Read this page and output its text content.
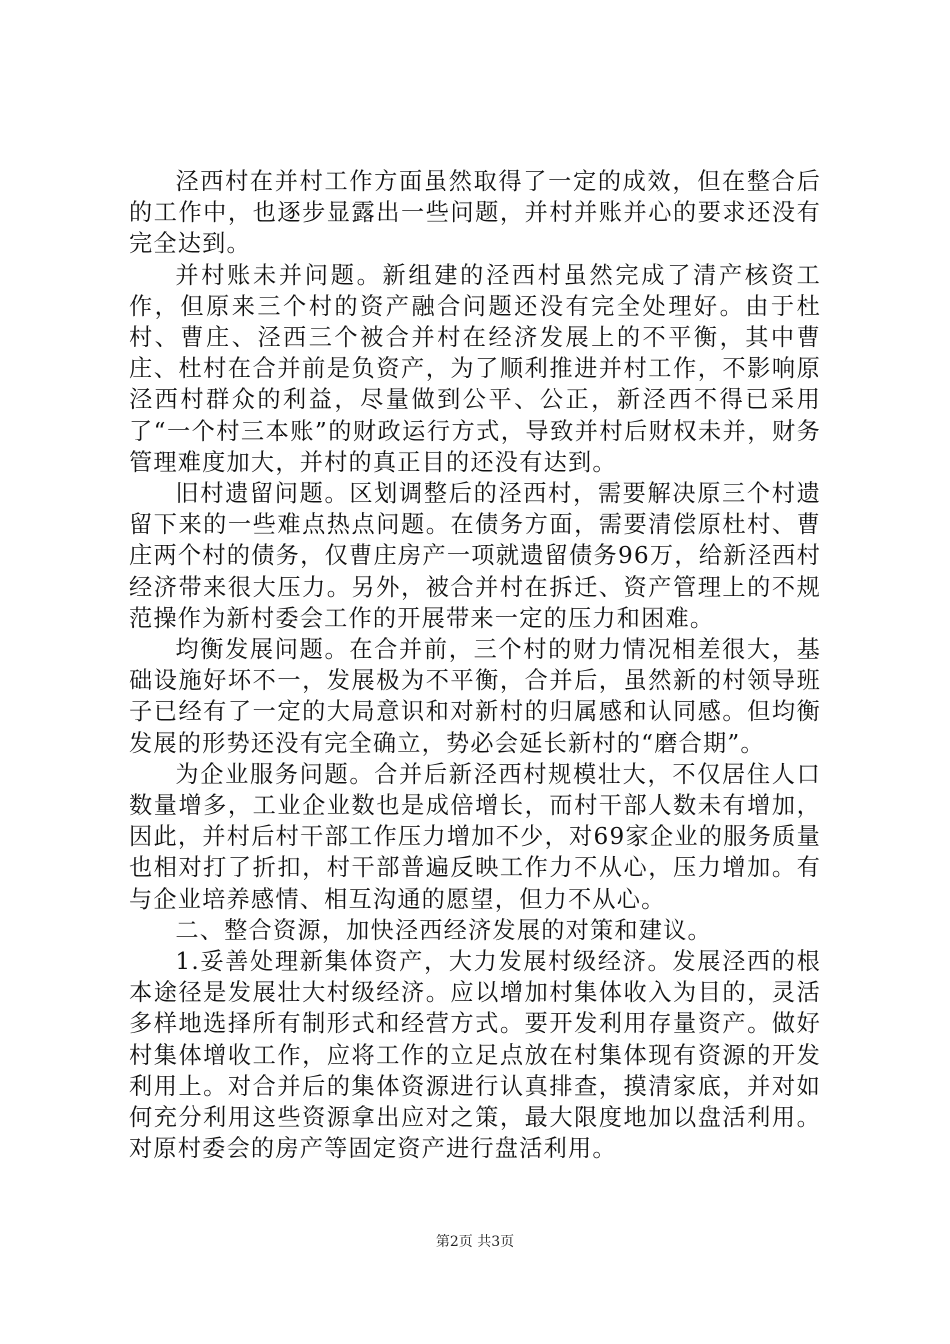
泾西村在并村工作方面虽然取得了一定的成效，但在整合后的工作中，也逐步显露出一些问题，并村并账并心的要求还没有完全达到。

并村账未并问题。新组建的泾西村虽然完成了清产核资工作，但原来三个村的资产融合问题还没有完全处理好。由于杜村、曹庄、泾西三个被合并村在经济发展上的不平衡，其中曹庄、杜村在合并前是负资产，为了顺利推进并村工作，不影响原泾西村群众的利益，尽量做到公平、公正，新泾西不得已采用了“一个村三本账”的财政运行方式，导致并村后财权未并，财务管理难度加大，并村的真正目的还没有达到。

旧村遗留问题。区划调整后的泾西村，需要解决原三个村遗留下来的一些难点热点问题。在债务方面，需要清偿原杜村、曹庄两个村的债务，仅曹庄房产一项就遗留债务96万，给新泾西村经济带来很大压力。另外，被合并村在拆迁、资产管理上的不规范操作为新村委会工作的开展带来一定的压力和困难。

均衡发展问题。在合并前，三个村的财力情况相差很大，基础设施好坏不一，发展极为不平衡，合并后，虽然新的村领导班子已经有了一定的大局意识和对新村的归属感和认同感。但均衡发展的形势还没有完全确立，势必会延长新村的“磨合期”。

为企业服务问题。合并后新泾西村规模壮大，不仅居住人口数量增多，工业企业数也是成倍增长，而村干部人数未有增加，因此，并村后村干部工作压力增加不少，对69家企业的服务质量也相对打了折扣，村干部普遍反映工作力不从心，压力增加。有与企业培养感情、相互沟通的愿望，但力不从心。

二、整合资源，加快泾西经济发展的对策和建议。

1.妥善处理新集体资产，大力发展村级经济。发展泾西的根本途径是发展壮大村级经济。应以增加村集体收入为目的，灵活多样地选择所有制形式和经营方式。要开发利用存量资产。做好村集体增收工作，应将工作的立足点放在村集体现有资源的开发利用上。对合并后的集体资源进行认真排查，摸清家底，并对如何充分利用这些资源拿出应对之策，最大限度地加以盘活利用。对原村委会的房产等固定资产进行盘活利用。

第2页 共3页
